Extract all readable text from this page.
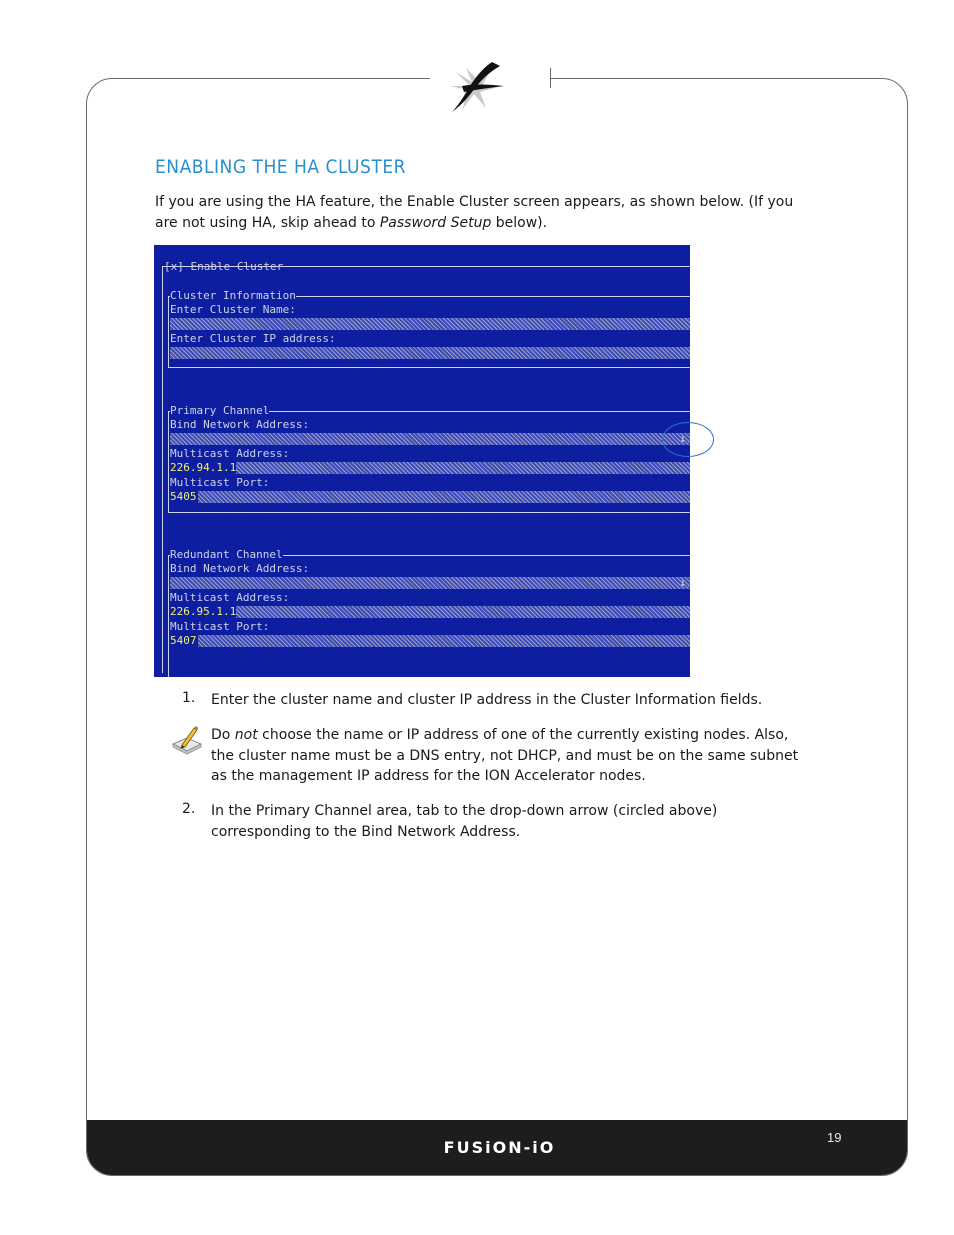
FUSiON-iO
19
ENABLING THE HA CLUSTER
If you are using the HA feature, the Enable Cluster screen appears, as shown below. (If you are not using HA, skip ahead to Password Setup below).
[x] Enable Cluster
Cluster Information
Enter Cluster Name:
Enter Cluster IP address:
Primary Channel
Bind Network Address:
↓
Multicast Address:
226.94.1.1
Multicast Port:
5405
Redundant Channel
Bind Network Address:
↓
Multicast Address:
226.95.1.1
Multicast Port:
5407
1. Enter the cluster name and cluster IP address in the Cluster Information fields.
Do not choose the name or IP address of one of the currently existing nodes. Also, the cluster name must be a DNS entry, not DHCP, and must be on the same subnet as the management IP address for the ION Accelerator nodes.
2. In the Primary Channel area, tab to the drop-down arrow (circled above) corresponding to the Bind Network Address.
